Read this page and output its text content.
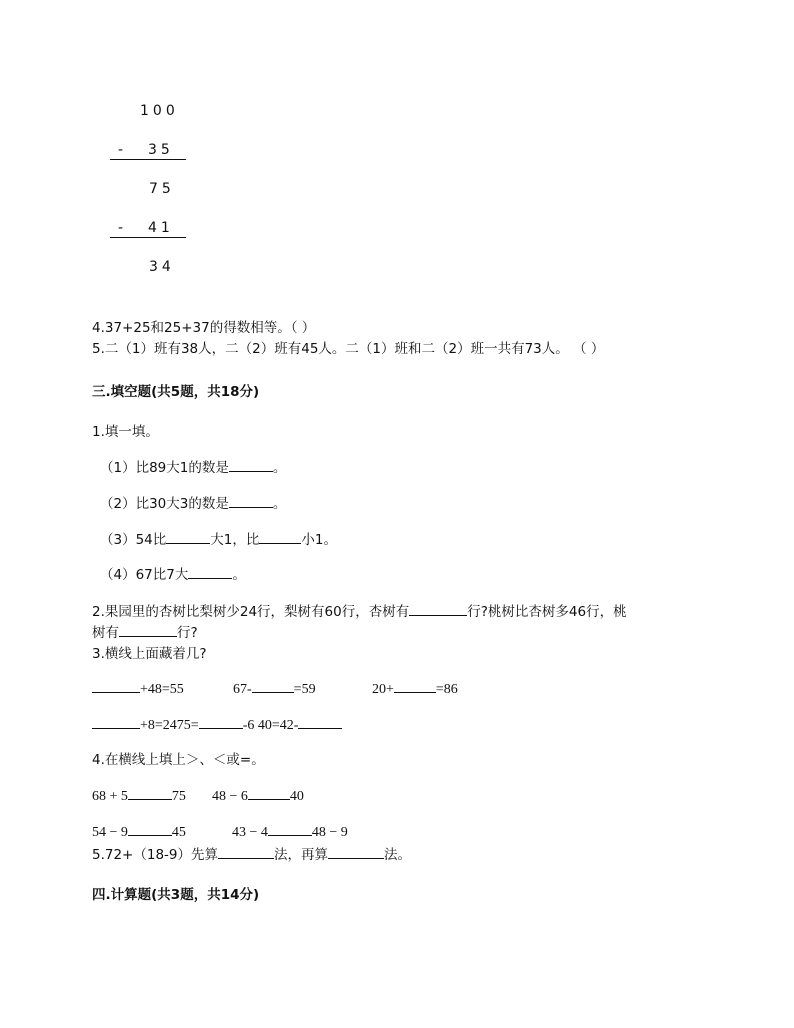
100
- 35
75
- 41
34
4.37+25和25+37的得数相等。（ ）
5.二（1）班有38人，二（2）班有45人。二（1）班和二（2）班一共有73人。 （ ）
三.填空题(共5题，共18分)
1.填一填。
（1）比89大1的数是	。
（2）比30大3的数是	。
（3）54比	大1，比	小1。
（4）67比7大	。
2.果园里的杏树比梨树少24行，梨树有60行，杏树有	行?桃树比杏树多46行，桃
树有	行?
3.横线上面藏着几?
+48=55	67-	=59	20+	=86
+8=2475=	-6 40=42-
4.在横线上填上＞、＜或=。
68 + 5	75 48 − 6	40
54 − 9	45	43 − 4	48 − 9
5.72+（18-9）先算	法，再算	法。
四.计算题(共3题，共14分)
